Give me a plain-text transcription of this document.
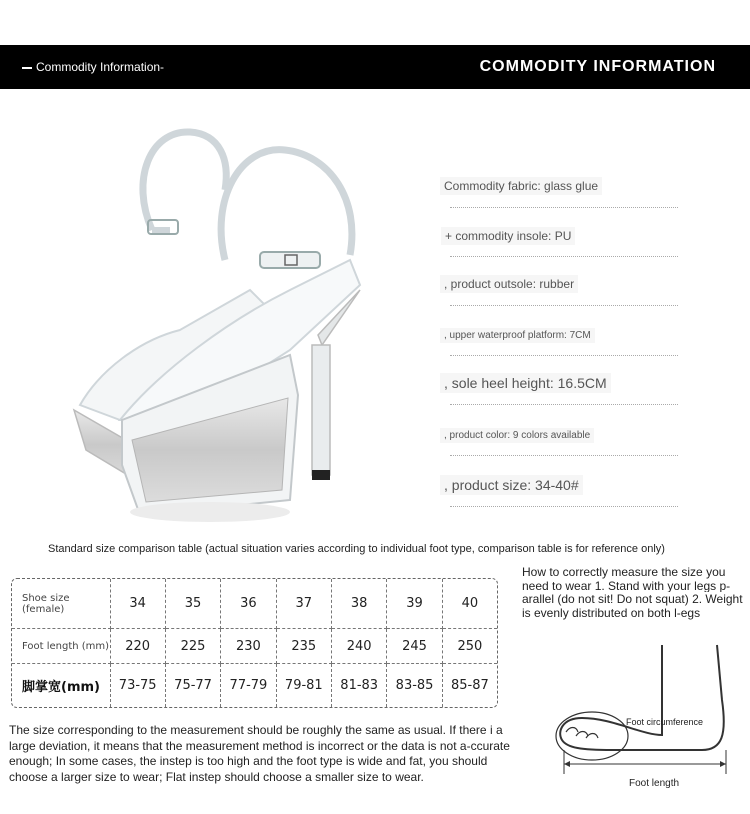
Commodity Information-	COMMODITY INFORMATION
Commodity fabric: glass glue
+ commodity insole: PU
, product outsole: rubber
, upper waterproof platform: 7CM
, sole heel height: 16.5CM
, product color: 9 colors available
, product size: 34-40#
Standard size comparison table (actual situation varies according to individual foot type, comparison table is for reference only)
Shoe size (female)	34	35	36	37	38	39	40
Foot length (mm)	220	225	230	235	240	245	250
脚掌宽(mm)	73-75	75-77	77-79	79-81	81-83	83-85	85-87
How to correctly measure the size you need to wear 1. Stand with your legs p-arallel (do not sit! Do not squat) 2. Weight is evenly distributed on both l-egs
The size corresponding to the measurement should be roughly the same as usual. If there i a large deviation, it means that the measurement method is incorrect or the data is not a-ccurate enough; In some cases, the instep is too high and the foot type is wide and fat, you should choose a larger size to wear; Flat instep should choose a smaller size to wear.
Foot circumference
Foot length
